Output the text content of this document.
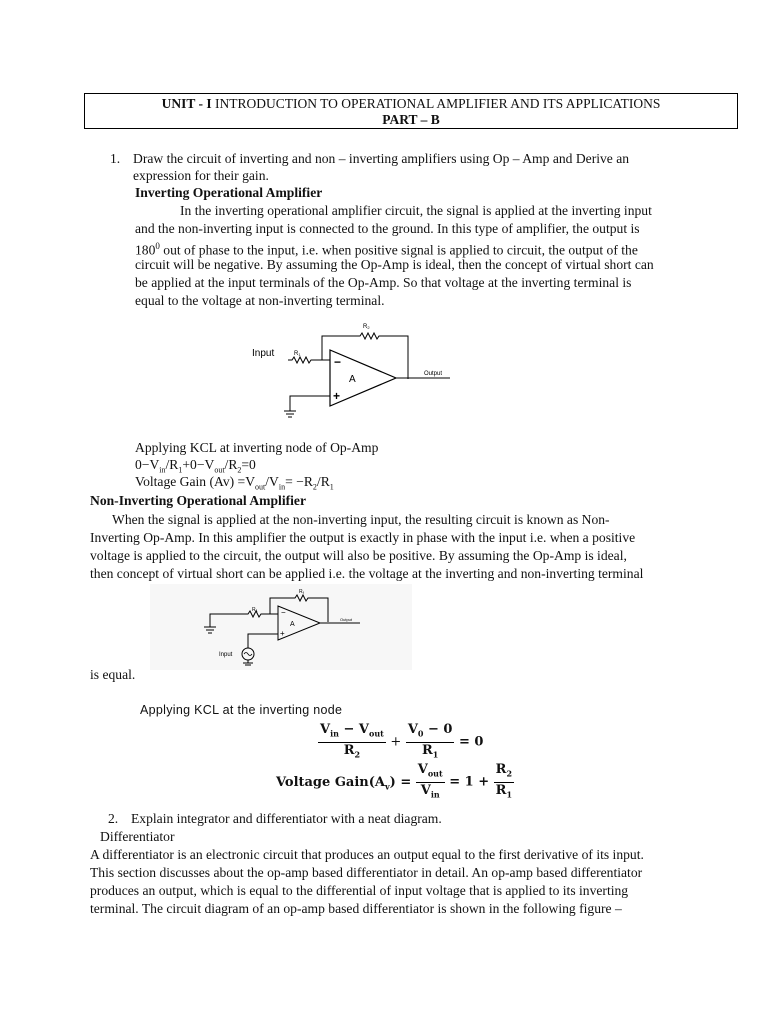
UNIT - I INTRODUCTION TO OPERATIONAL AMPLIFIER AND ITS APPLICATIONS
PART – B
1. Draw the circuit of inverting and non – inverting amplifiers using Op – Amp and Derive an
expression for their gain.
Inverting Operational Amplifier
In the inverting operational amplifier circuit, the signal is applied at the inverting input
and the non-inverting input is connected to the ground. In this type of amplifier, the output is
$180^0$ out of phase to the input, i.e. when positive signal is applied to circuit, the output of the
circuit will be negative. By assuming the Op-Amp is ideal, then the concept of virtual short can
be applied at the input terminals of the Op-Amp. So that voltage at the inverting terminal is
equal to the voltage at non-inverting terminal.
Input	R1
R2
−
+
A	Output
Applying KCL at inverting node of Op-Amp
$0-V_{in}/R_1+0-V_{out}/R_2=0$
Voltage Gain $(Av) =V_{out}/V_{in}= -R_2/R_1$
Non-Inverting Operational Amplifier
When the signal is applied at the non-inverting input, the resulting circuit is known as Non-
Inverting Op-Amp. In this amplifier the output is exactly in phase with the input i.e. when a positive
voltage is applied to the circuit, the output will also be positive. By assuming the Op-Amp is ideal,
then concept of virtual short can be applied i.e. the voltage at the inverting and non-inverting terminal
$R_f$
$R_1$	−
+
A
Output
Input
is equal.
Applying KCL at the inverting node
$\frac{V_{in} - V_{out}}{R_2} + \frac{V_0 - 0}{R_1} = 0$
Voltage $Gain(A_v) = \frac{V_{out}}{V_{in}} = 1 + \frac{R_2}{R_1}$
2. Explain integrator and differentiator with a neat diagram.
Differentiator
A differentiator is an electronic circuit that produces an output equal to the first derivative of its input.
This section discusses about the op-amp based differentiator in detail. An op-amp based differentiator
produces an output, which is equal to the differential of input voltage that is applied to its inverting
terminal. The circuit diagram of an op-amp based differentiator is shown in the following figure –
